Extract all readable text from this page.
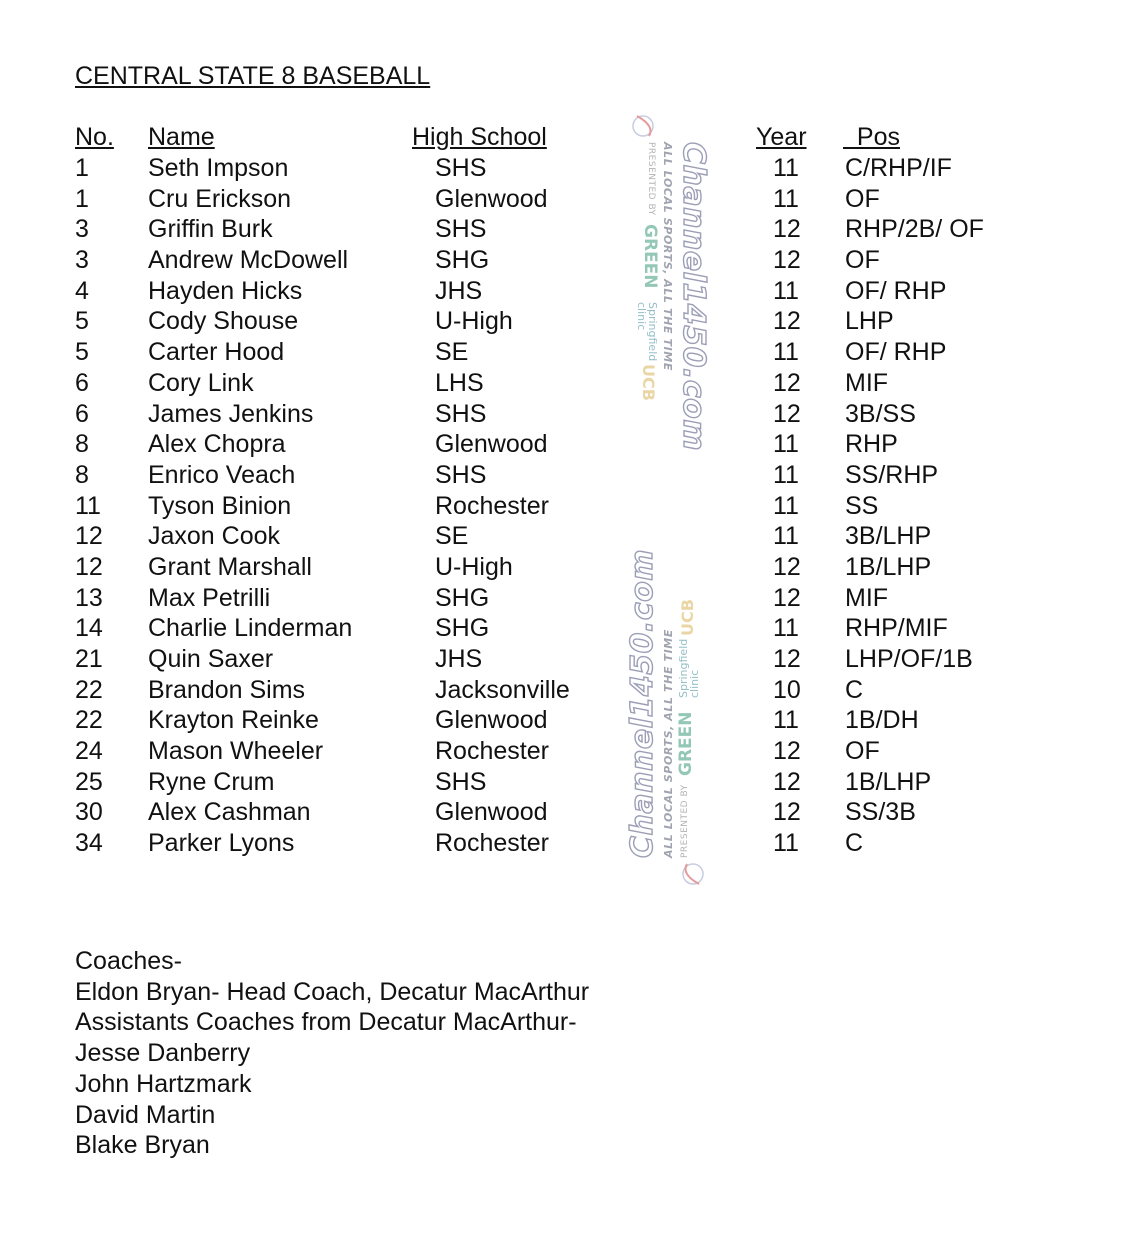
CENTRAL STATE 8 BASEBALL
No. Name	High School	Year Pos
1 Seth Impson	SHS	11 C/RHP/IF
1 Cru Erickson	Glenwood	11 OF
3 Griffin Burk	SHS	12 RHP/2B/ OF
3 Andrew McDowell	SHG	12 OF
4 Hayden Hicks	JHS	11 OF/ RHP
5 Cody Shouse	U-High	12 LHP
5 Carter Hood	SE	11 OF/ RHP
6 Cory Link	LHS	12 MIF
6 James Jenkins	SHS	12 3B/SS
8 Alex Chopra	Glenwood	11 RHP
8 Enrico Veach	SHS	11 SS/RHP
11 Tyson Binion	Rochester	11 SS
12 Jaxon Cook	SE	11 3B/LHP
12 Grant Marshall	U-High	12 1B/LHP
13 Max Petrilli	SHG	12 MIF
14 Charlie Linderman	SHG	11 RHP/MIF
21 Quin Saxer	JHS	12 LHP/OF/1B
22 Brandon Sims	Jacksonville	10 C
22 Krayton Reinke	Glenwood	11 1B/DH
24 Mason Wheeler	Rochester	12 OF
25 Ryne Crum	SHS	12 1B/LHP
30 Alex Cashman	Glenwood	12 SS/3B
34 Parker Lyons	Rochester	11 C
Coaches-
Eldon Bryan- Head Coach, Decatur MacArthur
Assistants Coaches from Decatur MacArthur-
Jesse Danberry
John Hartzmark
David Martin
Blake Bryan
Channel1450.com
ALL LOCAL SPORTS, ALL THE TIME
PRESENTED BY
GREEN
Springfield
clinic
UCB
Channel1450.com ALL LOCAL SPORTS, ALL THE TIME PRESENTED BY
GREEN
Springfield
clinic
UCB
